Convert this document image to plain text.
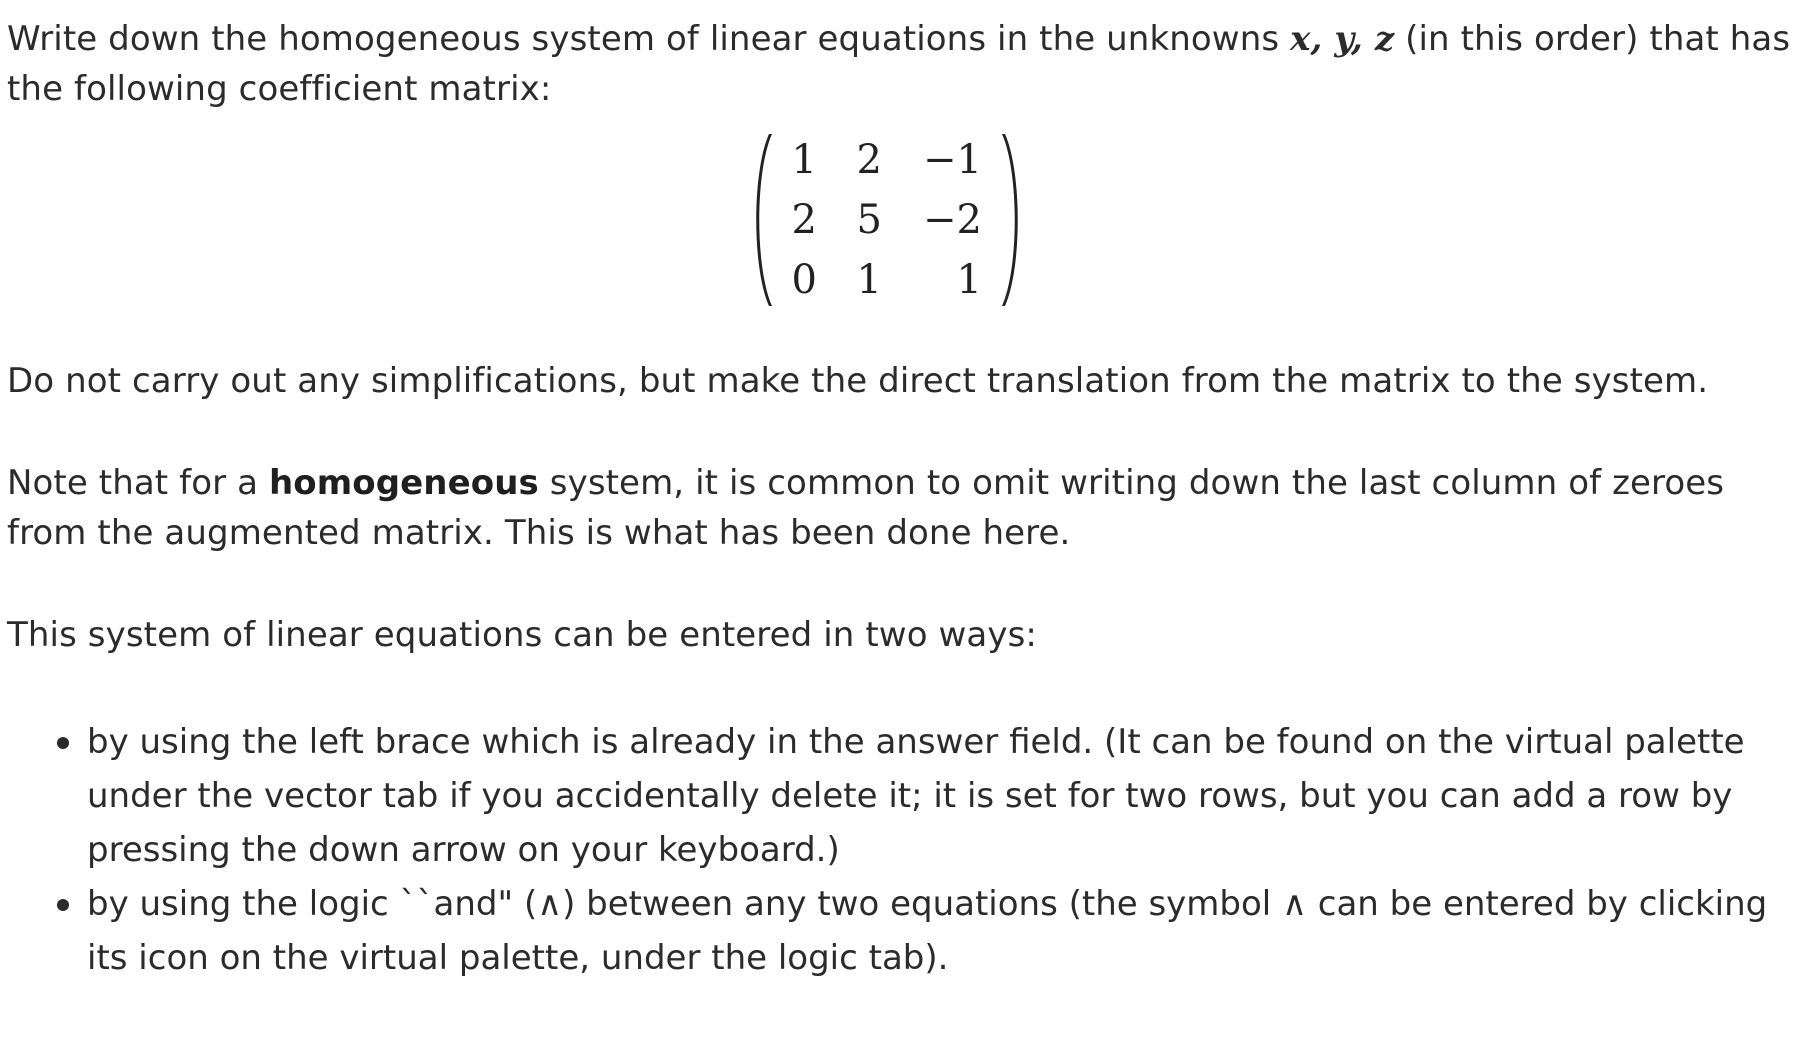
Write down the homogeneous system of linear equations in the unknowns x, y, z (in this order) that has the following coefficient matrix:

1 2 −1
2 5 −2
0 1	1

Do not carry out any simplifications, but make the direct translation from the matrix to the system.

Note that for a homogeneous system, it is common to omit writing down the last column of zeroes from the augmented matrix. This is what has been done here.

This system of linear equations can be entered in two ways:

by using the left brace which is already in the answer field. (It can be found on the virtual palette under the vector tab if you accidentally delete it; it is set for two rows, but you can add a row by pressing the down arrow on your keyboard.)
by using the logic ``and" (∧) between any two equations (the symbol ∧ can be entered by clicking its icon on the virtual palette, under the logic tab).
